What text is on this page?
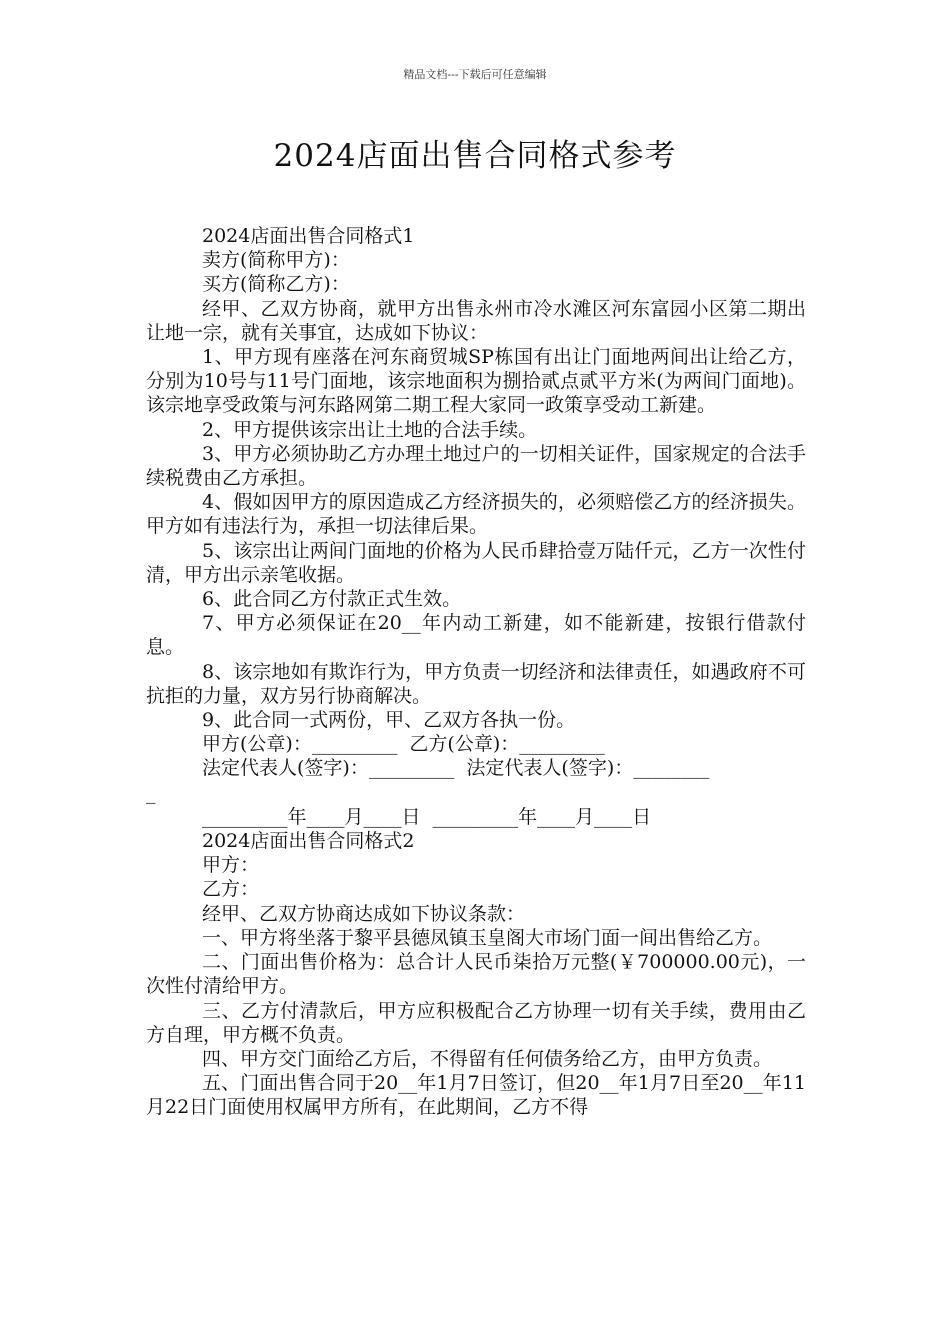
精品文档---下载后可任意编辑
2024店面出售合同格式参考

2024店面出售合同格式1

卖方(简称甲方)：

买方(简称乙方)：

经甲、乙双方协商，就甲方出售永州市冷水滩区河东富园小区第二期出让地一宗，就有关事宜，达成如下协议：

1、甲方现有座落在河东商贸城SP栋国有出让门面地两间出让给乙方，分别为10号与11号门面地，该宗地面积为捌拾贰点贰平方米(为两间门面地)。该宗地享受政策与河东路网第二期工程大家同一政策享受动工新建。

2、甲方提供该宗出让土地的合法手续。

3、甲方必须协助乙方办理土地过户的一切相关证件，国家规定的合法手续税费由乙方承担。

4、假如因甲方的原因造成乙方经济损失的，必须赔偿乙方的经济损失。甲方如有违法行为，承担一切法律后果。

5、该宗出让两间门面地的价格为人民币肆拾壹万陆仟元，乙方一次性付清，甲方出示亲笔收据。

6、此合同乙方付款正式生效。

7、甲方必须保证在20__年内动工新建，如不能新建，按银行借款付息。

8、该宗地如有欺诈行为，甲方负责一切经济和法律责任，如遇政府不可抗拒的力量，双方另行协商解决。

9、此合同一式两份，甲、乙双方各执一份。

甲方(公章)：_________  乙方(公章)：_________

法定代表人(签字)：_________  法定代表人(签字)：________

_

_________年____月____日  _________年____月____日

2024店面出售合同格式2

甲方：

乙方：

经甲、乙双方协商达成如下协议条款：

一、甲方将坐落于黎平县德凤镇玉皇阁大市场门面一间出售给乙方。

二、门面出售价格为：总合计人民币柒拾万元整(￥700000.00元)，一次性付清给甲方。

三、乙方付清款后，甲方应积极配合乙方协理一切有关手续，费用由乙方自理，甲方概不负责。

四、甲方交门面给乙方后，不得留有任何债务给乙方，由甲方负责。

五、门面出售合同于20__年1月7日签订，但20__年1月7日至20__年11月22日门面使用权属甲方所有，在此期间，乙方不得
